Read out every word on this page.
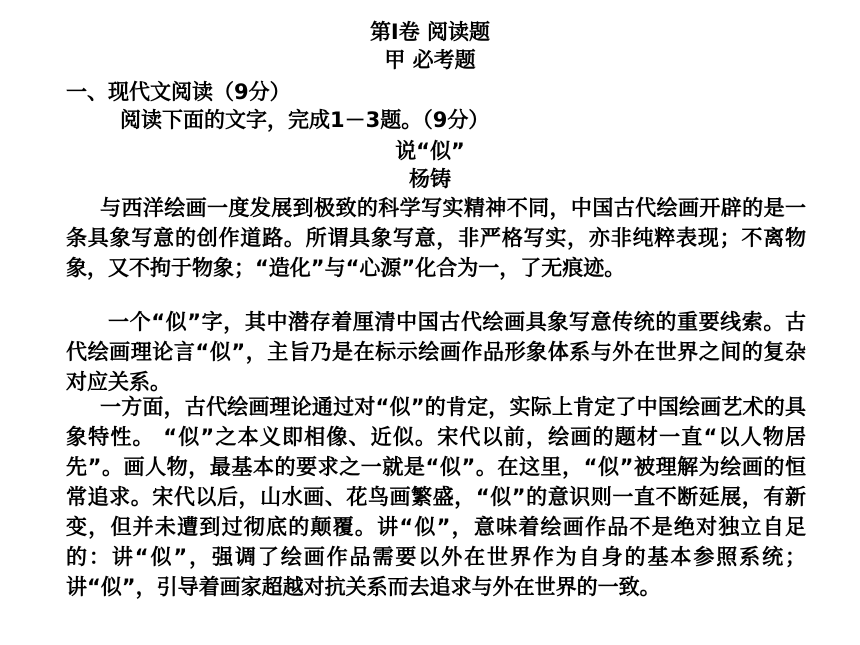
第Ⅰ卷 阅读题
甲 必考题
一、现代文阅读（9分）
阅读下面的文字，完成1－3题。（9分）
说“似”
杨铸
与西洋绘画一度发展到极致的科学写实精神不同，中国古代绘画开辟的是一条具象写意的创作道路。所谓具象写意，非严格写实，亦非纯粹表现；不离物象，又不拘于物象；“造化”与“心源”化合为一，了无痕迹。
一个“似”字，其中潜存着厘清中国古代绘画具象写意传统的重要线索。古代绘画理论言“似”，主旨乃是在标示绘画作品形象体系与外在世界之间的复杂对应关系。
一方面，古代绘画理论通过对“似”的肯定，实际上肯定了中国绘画艺术的具象特性。 “似”之本义即相像、近似。宋代以前，绘画的题材一直“以人物居先”。画人物，最基本的要求之一就是“似”。在这里，“似”被理解为绘画的恒常追求。宋代以后，山水画、花鸟画繁盛，“似”的意识则一直不断延展，有新变，但并未遭到过彻底的颠覆。讲“似”，意味着绘画作品不是绝对独立自足的：讲“似”，强调了绘画作品需要以外在世界作为自身的基本参照系统；讲“似”，引导着画家超越对抗关系而去追求与外在世界的一致。
